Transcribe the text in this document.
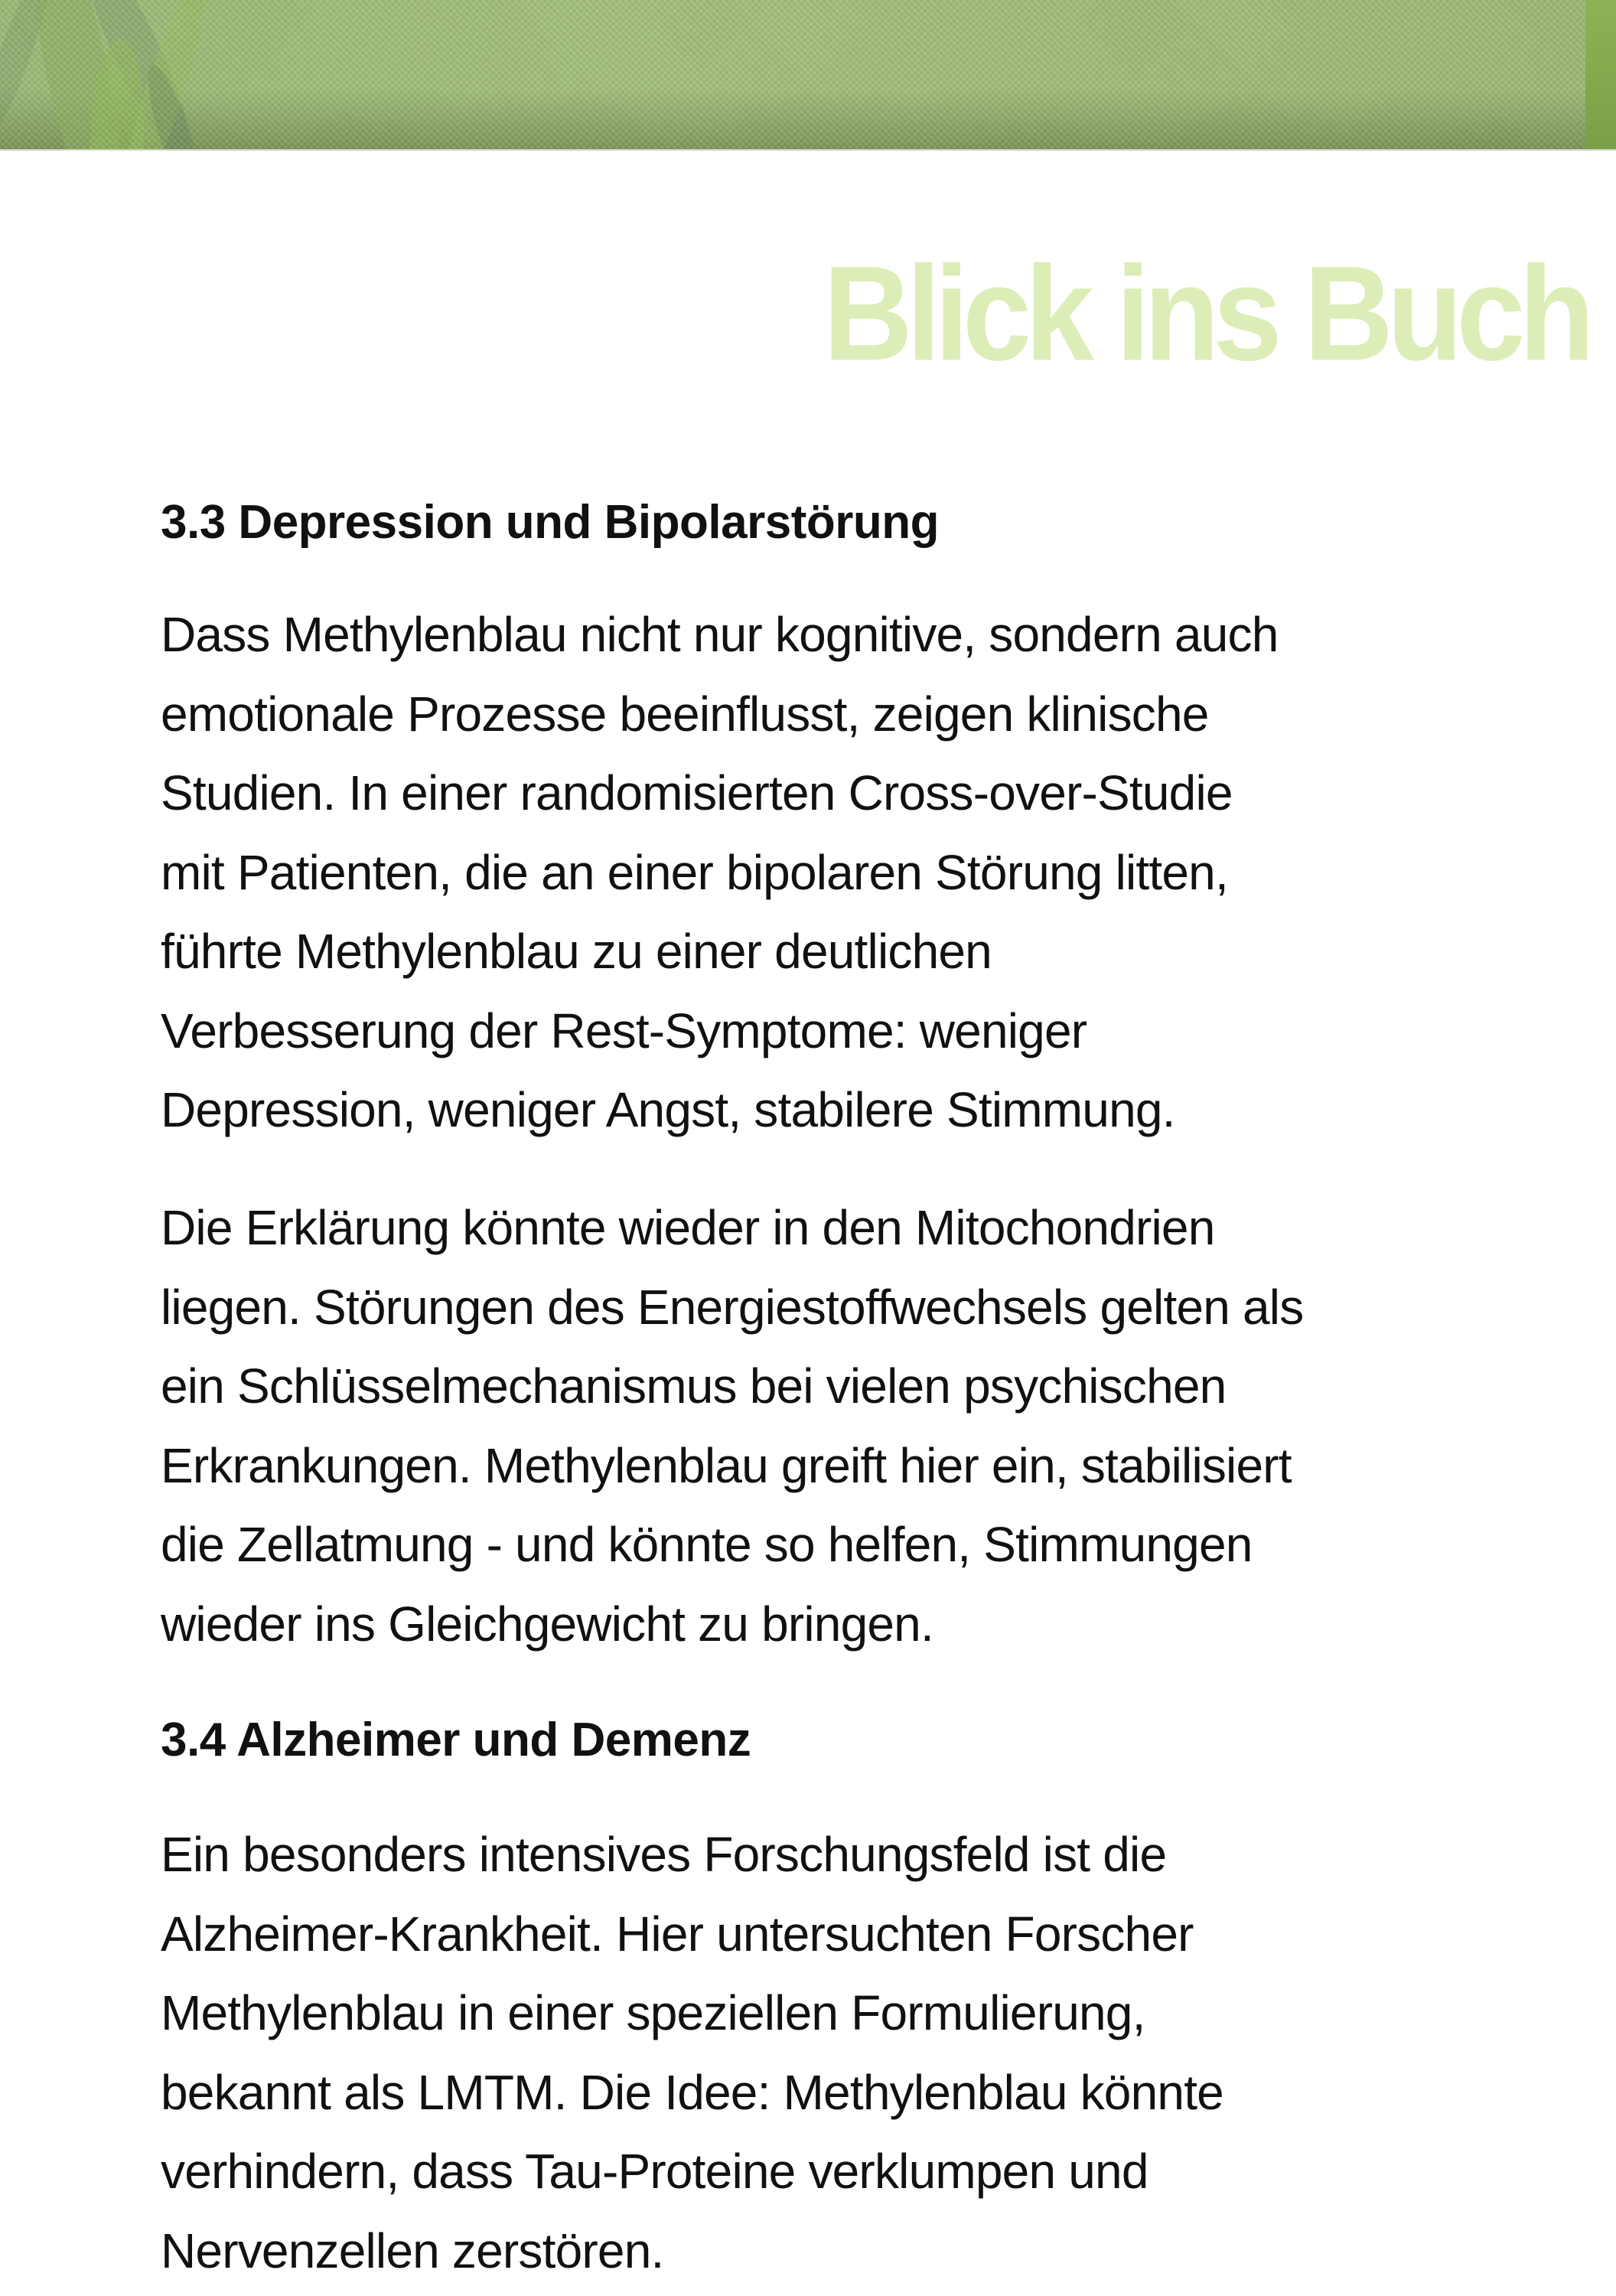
Blick ins Buch
3.3 Depression und Bipolarstörung

Dass Methylenblau nicht nur kognitive, sondern auch
emotionale Prozesse beeinflusst, zeigen klinische
Studien. In einer randomisierten Cross-over-Studie
mit Patienten, die an einer bipolaren Störung litten,
führte Methylenblau zu einer deutlichen
Verbesserung der Rest-Symptome: weniger
Depression, weniger Angst, stabilere Stimmung.

Die Erklärung könnte wieder in den Mitochondrien
liegen. Störungen des Energiestoffwechsels gelten als
ein Schlüsselmechanismus bei vielen psychischen
Erkrankungen. Methylenblau greift hier ein, stabilisiert
die Zellatmung - und könnte so helfen, Stimmungen
wieder ins Gleichgewicht zu bringen.

3.4 Alzheimer und Demenz

Ein besonders intensives Forschungsfeld ist die
Alzheimer-Krankheit. Hier untersuchten Forscher
Methylenblau in einer speziellen Formulierung,
bekannt als LMTM. Die Idee: Methylenblau könnte
verhindern, dass Tau-Proteine verklumpen und
Nervenzellen zerstören.
